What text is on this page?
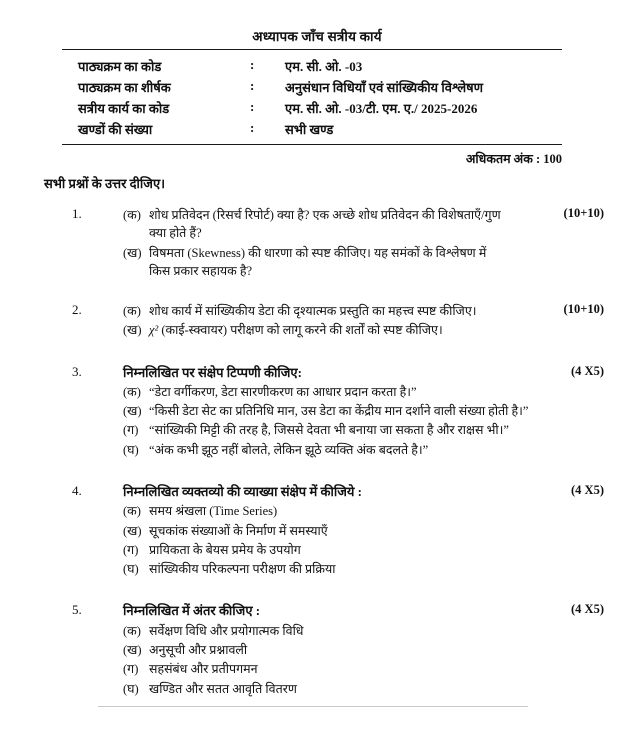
अध्यापक जाँच सत्रीय कार्य
पाठ्यक्रम का कोड	:	एम. सी. ओ. -03
पाठ्यक्रम का शीर्षक	:	अनुसंधान विधियाँ एवं सांख्यिकीय विश्लेषण
सत्रीय कार्य का कोड	:	एम. सी. ओ. -03/टी. एम. ए./ 2025-2026
खण्डों की संख्या	:	सभी खण्ड
अधिकतम अंक : 100
सभी प्रश्नों के उत्तर दीजिए।
1.	(10+10)
(क) शोध प्रतिवेदन (रिसर्च रिपोर्ट) क्या है? एक अच्छे शोध प्रतिवेदन की विशेषताएँ/गुण क्या होते हैं?
(ख) विषमता (Skewness) की धारणा को स्पष्ट कीजिए। यह समंकों के विश्लेषण में किस प्रकार सहायक है?
2.	(10+10)
(क) शोध कार्य में सांख्यिकीय डेटा की दृश्यात्मक प्रस्तुति का महत्त्व स्पष्ट कीजिए।
(ख) χ² (काई-स्क्वायर) परीक्षण को लागू करने की शर्तों को स्पष्ट कीजिए।
3.	(4 X5)
निम्नलिखित पर संक्षेप टिप्पणी कीजिए:
(क) “डेटा वर्गीकरण, डेटा सारणीकरण का आधार प्रदान करता है।”
(ख) “किसी डेटा सेट का प्रतिनिधि मान, उस डेटा का केंद्रीय मान दर्शाने वाली संख्या होती है।”
(ग) “सांख्यिकी मिट्टी की तरह है, जिससे देवता भी बनाया जा सकता है और राक्षस भी।”
(घ) “अंक कभी झूठ नहीं बोलते, लेकिन झूठे व्यक्ति अंक बदलते है।”
4.	(4 X5)
निम्नलिखित व्यक्तव्यो की व्याख्या संक्षेप में कीजिये :
(क) समय श्रंखला (Time Series)
(ख) सूचकांक संख्याओं के निर्माण में समस्याएँ
(ग) प्रायिकता के बेयस प्रमेय के उपयोग
(घ) सांख्यिकीय परिकल्पना परीक्षण की प्रक्रिया
5.	(4 X5)
निम्नलिखित में अंतर कीजिए :
(क) सर्वेक्षण विधि और प्रयोगात्मक विधि
(ख) अनुसूची और प्रश्नावली
(ग) सहसंबंध और प्रतीपगमन
(घ) खण्डित और सतत आवृति वितरण
